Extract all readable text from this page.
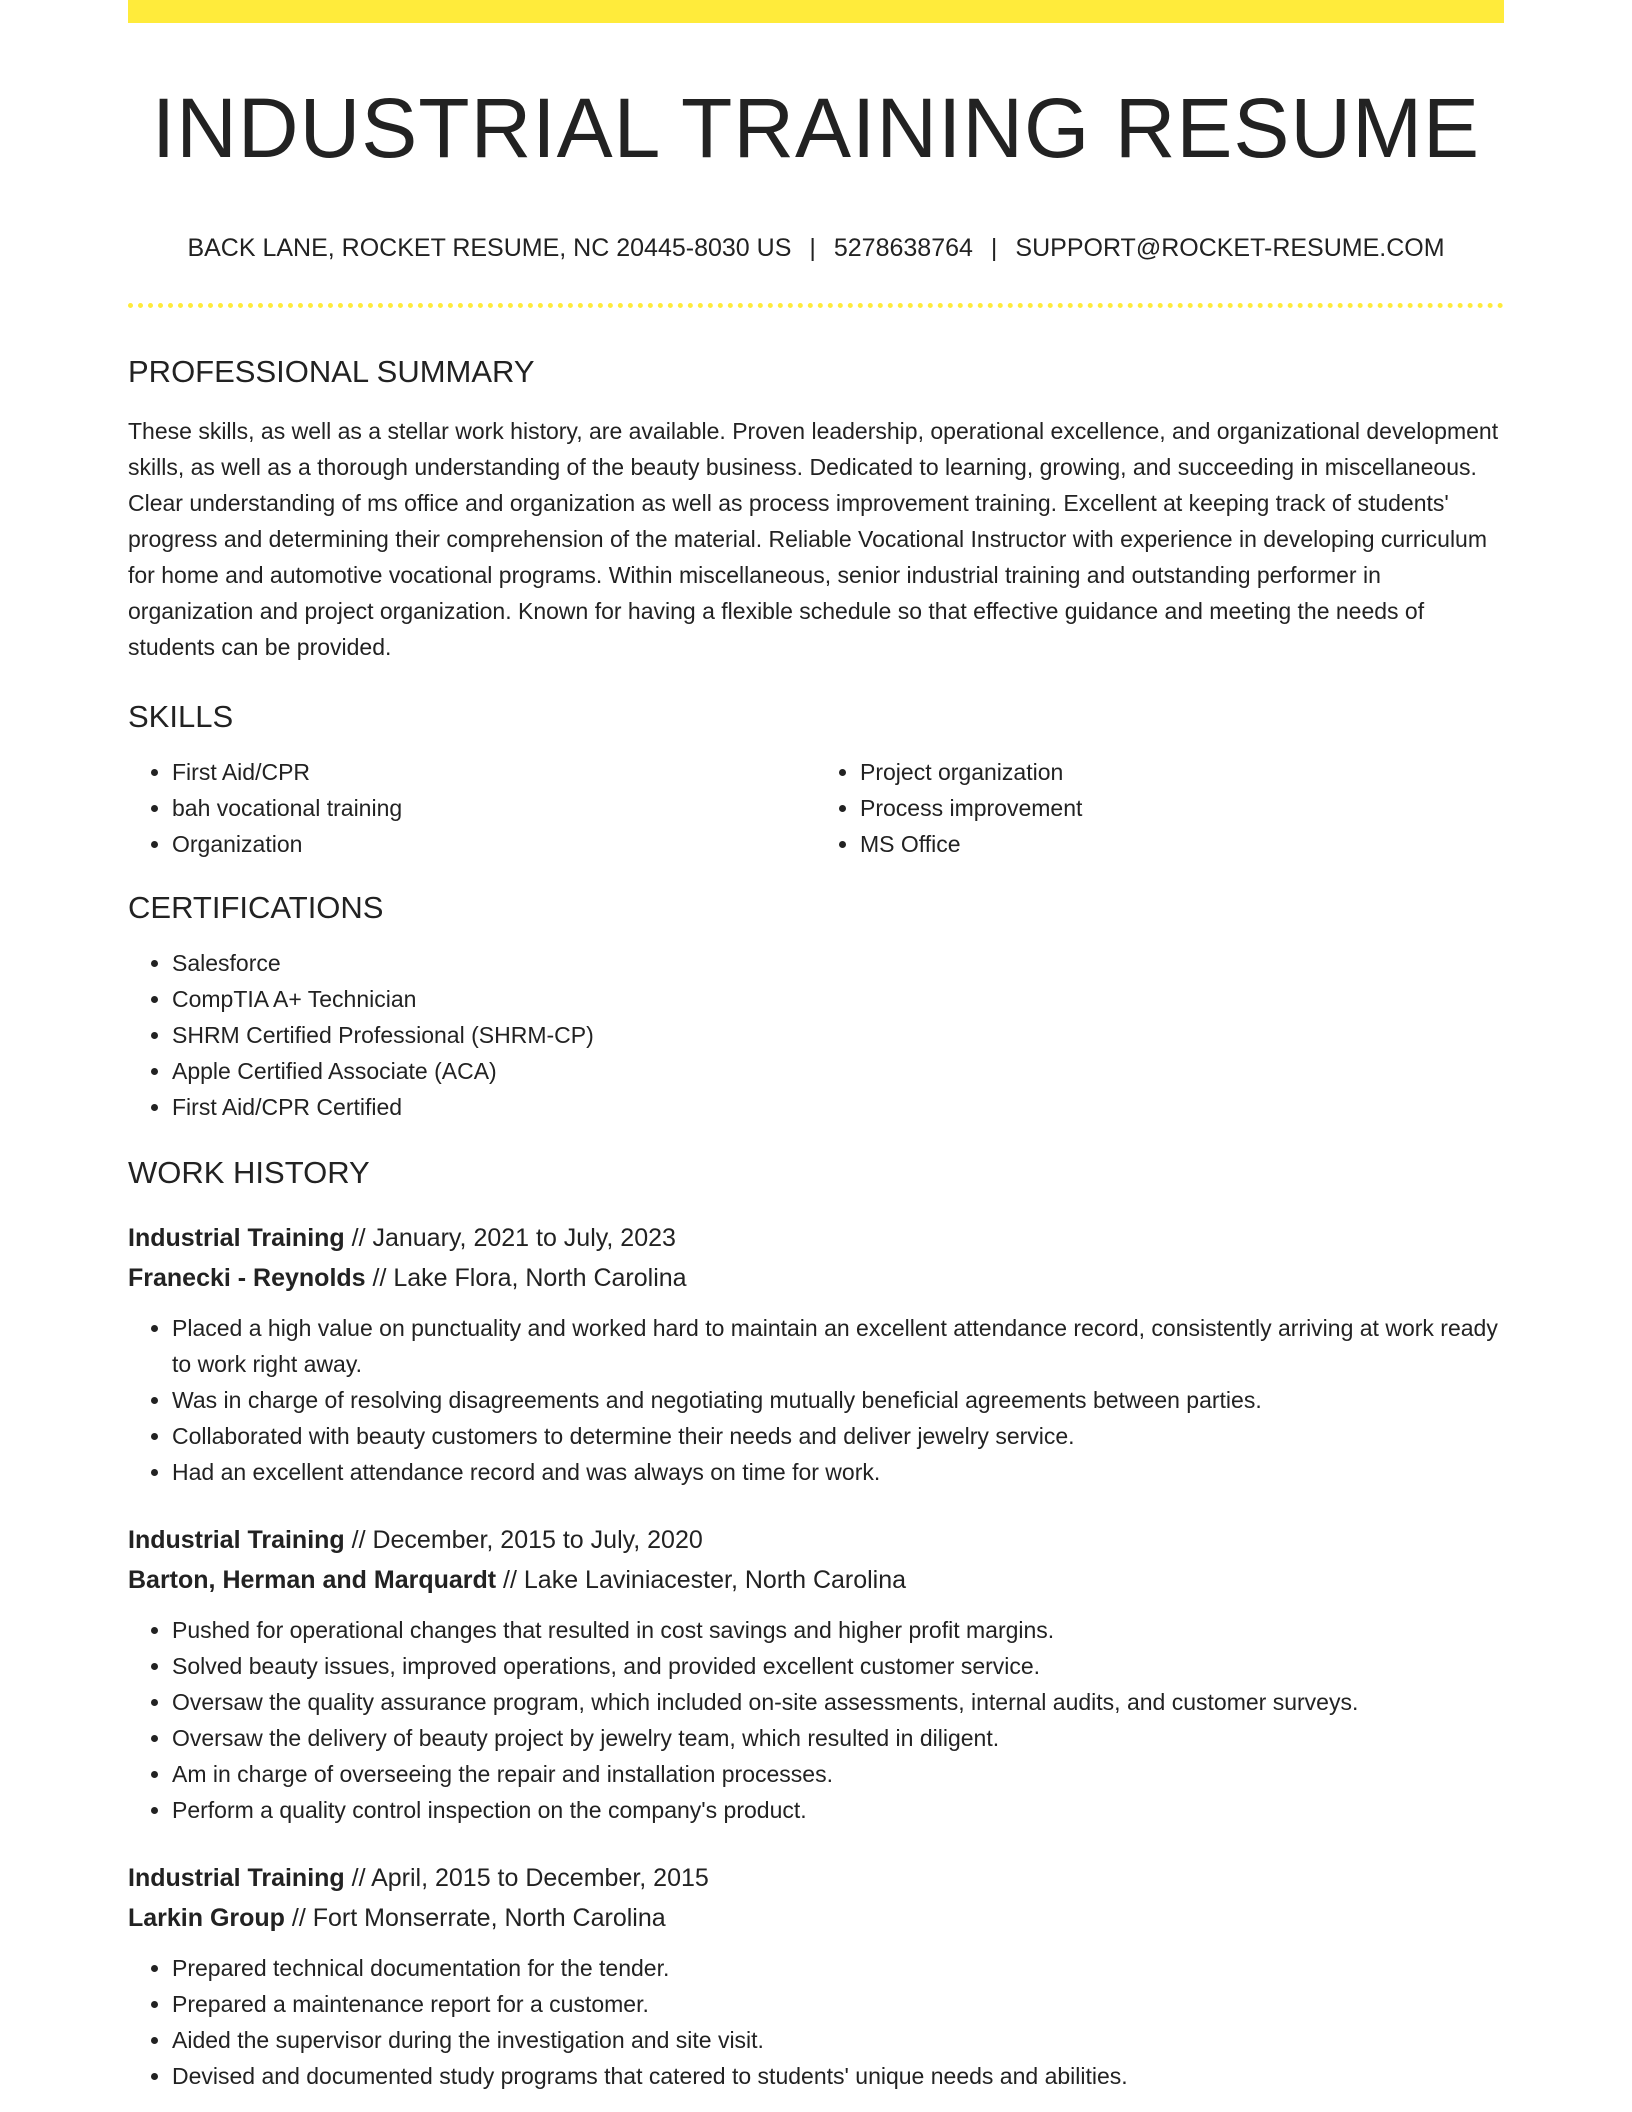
INDUSTRIAL TRAINING RESUME
BACK LANE, ROCKET RESUME, NC 20445-8030 US | 5278638764 | SUPPORT@ROCKET-RESUME.COM
PROFESSIONAL SUMMARY

These skills, as well as a stellar work history, are available. Proven leadership, operational excellence, and organizational development skills, as well as a thorough understanding of the beauty business. Dedicated to learning, growing, and succeeding in miscellaneous. Clear understanding of ms office and organization as well as process improvement training. Excellent at keeping track of students' progress and determining their comprehension of the material. Reliable Vocational Instructor with experience in developing curriculum for home and automotive vocational programs. Within miscellaneous, senior industrial training and outstanding performer in organization and project organization. Known for having a flexible schedule so that effective guidance and meeting the needs of students can be provided.

SKILLS
• First Aid/CPR
• bah vocational training
• Organization
• Project organization
• Process improvement
• MS Office
CERTIFICATIONS
• Salesforce
• CompTIA A+ Technician
• SHRM Certified Professional (SHRM-CP)
• Apple Certified Associate (ACA)
• First Aid/CPR Certified
WORK HISTORY
Industrial Training // January, 2021 to July, 2023
Franecki - Reynolds // Lake Flora, North Carolina
• Placed a high value on punctuality and worked hard to maintain an excellent attendance record, consistently arriving at work ready to work right away.
• Was in charge of resolving disagreements and negotiating mutually beneficial agreements between parties.
• Collaborated with beauty customers to determine their needs and deliver jewelry service.
• Had an excellent attendance record and was always on time for work.
Industrial Training // December, 2015 to July, 2020
Barton, Herman and Marquardt // Lake Laviniacester, North Carolina
• Pushed for operational changes that resulted in cost savings and higher profit margins.
• Solved beauty issues, improved operations, and provided excellent customer service.
• Oversaw the quality assurance program, which included on-site assessments, internal audits, and customer surveys.
• Oversaw the delivery of beauty project by jewelry team, which resulted in diligent.
• Am in charge of overseeing the repair and installation processes.
• Perform a quality control inspection on the company's product.
Industrial Training // April, 2015 to December, 2015
Larkin Group // Fort Monserrate, North Carolina
• Prepared technical documentation for the tender.
• Prepared a maintenance report for a customer.
• Aided the supervisor during the investigation and site visit.
• Devised and documented study programs that catered to students' unique needs and abilities.
